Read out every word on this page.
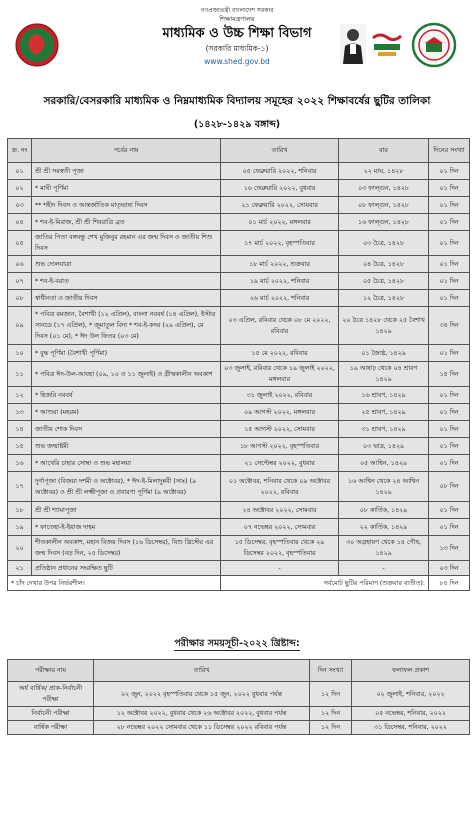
গণপ্রজাতন্ত্রী বাংলাদেশ সরকার
শিক্ষামন্ত্রণালয়
মাধ্যমিক ও উচ্চ শিক্ষা বিভাগ
(সরকারি মাধ্যমিক-১)
www.shed.gov.bd
সরকারি/বেসরকারি মাধ্যমিক ও নিম্নমাধ্যমিক বিদ্যালয় সমূহের ২০২২ শিক্ষাবর্ষের ছুটির তালিকা
(১৪২৮-১৪২৯ বঙ্গাব্দ)
ক্র. নং	পর্বের নাম	তারিখ	বার	দিনের সংখ্যা
০১	শ্রী শ্রী সরস্বতী পূজা	০৫ ফেব্রুয়ারি ২০২২, শনিবার	২২ মাঘ, ১৪২৮	০১ দিন
০২	* মাঘী পূর্ণিমা	১৬ ফেব্রুয়ারি ২০২২, বুধবার	০৩ ফাল্গুন, ১৪২৮	০১ দিন
০৩	** শহীদ দিবস ও আন্তর্জাতিক মাতৃভাষা দিবস	২১ ফেব্রুয়ারি ২০২২, সোমবার	০৮ ফাল্গুন, ১৪২৮	০১ দিন
০৪	* শব-ই-মিরাজ, শ্রী শ্রী শিবরাত্রি ব্রত	০১ মার্চ ২০২২, মঙ্গলবার	১৬ ফাল্গুন, ১৪২৮	০১ দিন
০৫	জাতির পিতা বঙ্গবন্ধু শেখ মুজিবুর রহমান এর জন্ম দিবস ও জাতীয় শিশু দিবস	১৭ মার্চ ২০২২, বৃহস্পতিবার	০৩ চৈত্র, ১৪২৮	০১ দিন
০৬	শুভ দোলযাত্রা	১৮ মার্চ ২০২২, শুক্রবার	০৪ চৈত্র, ১৪২৮	০১ দিন
০৭	* শব-ই-বরাত	১৯ মার্চ ২০২২, শনিবার	০৫ চৈত্র, ১৪২৮	০১ দিন
০৮	স্বাধীনতা ও জাতীয় দিবস	২৬ মার্চ ২০২২, শনিবার	১২ চৈত্র, ১৪২৮	০১ দিন
০৯	* পবিত্র রমজান, বৈশাখী (১২ এপ্রিল), বাংলা নববর্ষ (১৪ এপ্রিল), ইস্টার সানডে (১৭ এপ্রিল), * জুমাতুল বিদা * শব-ই-কদর (২৯ এপ্রিল), মে দিবস (০১ মে), * ঈদ উল ফিতর (০৩ মে)	০৩ এপ্রিল, রবিবার থেকে ০৮ মে ২০২২, রবিবার	২০ চৈত্র ১৪২৮ থেকে ২৫ বৈশাখ ১৪২৯	৩৪ দিন
১০	* বুদ্ধ পূর্ণিমা (বৈশাখী পূর্ণিমা)	১৫ মে ২০২২, রবিবার	০১ জ্যৈষ্ঠ, ১৪২৯	০১ দিন
১১	* পবিত্র ঈদ-উল-আযহা (০৯, ১০ ও ১১ জুলাই) ও গ্রীষ্মকালীন অবকাশ	০৩ জুলাই, রবিবার থেকে ১৯ জুলাই ২০২২, মঙ্গলবার	১৯ আষাঢ় থেকে ০৪ শ্রাবণ ১৪২৯	১৫ দিন
১২	* হিজরি নববর্ষ	৩১ জুলাই ২০২২, রবিবার	১৬ শ্রাবণ, ১৪২৯	০১ দিন
১৩	* আশুরা (মহরম)	০৯ আগস্ট ২০২২, মঙ্গলবার	২৫ শ্রাবণ, ১৪২৯	০১ দিন
১৪	জাতীয় শোক দিবস	১৫ আগস্ট ২০২২, সোমবার	৩১ শ্রাবণ, ১৪২৯	০১ দিন
১৫	শুভ জন্মাষ্টমী	১৮ আগস্ট ২০২২, বৃহস্পতিবার	০৩ ভাদ্র, ১৪২৯	০১ দিন
১৬	* আখেরি চাহার সোম্বা ও শুভ মহালয়া	২১ সেপ্টেম্বর ২০২২, বুধবার	০৫ আশ্বিন, ১৪২৯	০১ দিন
১৭	দুর্গাপূজা (বিজয়া দশমী ও অক্টোবর), * ঈদ-ই-মিলাদুন্নবী (সাঃ) (৯ অক্টোবর) ও শ্রী শ্রী লক্ষ্মীপূজা ও প্রবারণা পূর্ণিমা (৯ অক্টোবর)	০১ অক্টোবর, শনিবার থেকে ০৯ অক্টোবর ২০২২, রবিবার	১৬ আশ্বিন থেকে ২৪ আশ্বিন ১৪২৯	০৮ দিন
১৮	শ্রী শ্রী শ্যামাপূজা	২৪ অক্টোবর ২০২২, সোমবার	০৮ কার্তিক, ১৪২৯	০১ দিন
১৯	* ফাতেহা-ই-ইয়াজ দাহম	০৭ নভেম্বর ২০২২, সোমবার	২২ কার্তিক, ১৪২৯	০১ দিন
২০	শীতকালীন অবকাশ, মহান বিজয় দিবস (১৬ ডিসেম্বর), যিশু খ্রিস্টের এর জন্ম দিবস (বড় দিন, ২৫ ডিসেম্বর)	১৫ ডিসেম্বর, বৃহস্পতিবার থেকে ২৯ ডিসেম্বর ২০২২, বৃহস্পতিবার	৩০ অগ্রহায়ণ থেকে ১৪ পৌষ, ১৪২৯	১৩ দিন
২১	প্রতিষ্ঠান প্রধানের সংরক্ষিত ছুটি	-	-	০৩ দিন
* চাঁদ দেখার উপর নির্ভরশীল।		সর্বমোট ছুটির পরিমাণ (শুক্রবার ব্যতীত):		৮৫ দিন
পরীক্ষার সময়সূচী-২০২২ খ্রিষ্টাব্দ:
পরীক্ষার নাম	তারিখ	দিন সংখ্যা	ফলাফল প্রকাশ
অর্ধ বার্ষিক/ প্রাক-নির্বাচনী পরীক্ষা	০২ জুন, ২০২২ বৃহস্পতিবার থেকে ১৫ জুন, ২০২২ বুধবার পর্যন্ত	১২ দিন	০২ জুলাই, শনিবার, ২০২২
নির্বাচনী পরীক্ষা	১২ অক্টোবর ২০২২, বুধবার থেকে ২৬ অক্টোবর ২০২২, বুধবার পর্যন্ত	১২ দিন	০৫ নভেম্বর, শনিবার, ২০২২
বার্ষিক পরীক্ষা	২৮ নভেম্বর ২০২২ সোমবার থেকে ১১ ডিসেম্বর ২০২২ রবিবার পর্যন্ত	১২ দিন	৩১ ডিসেম্বর, শনিবার, ২০২২
